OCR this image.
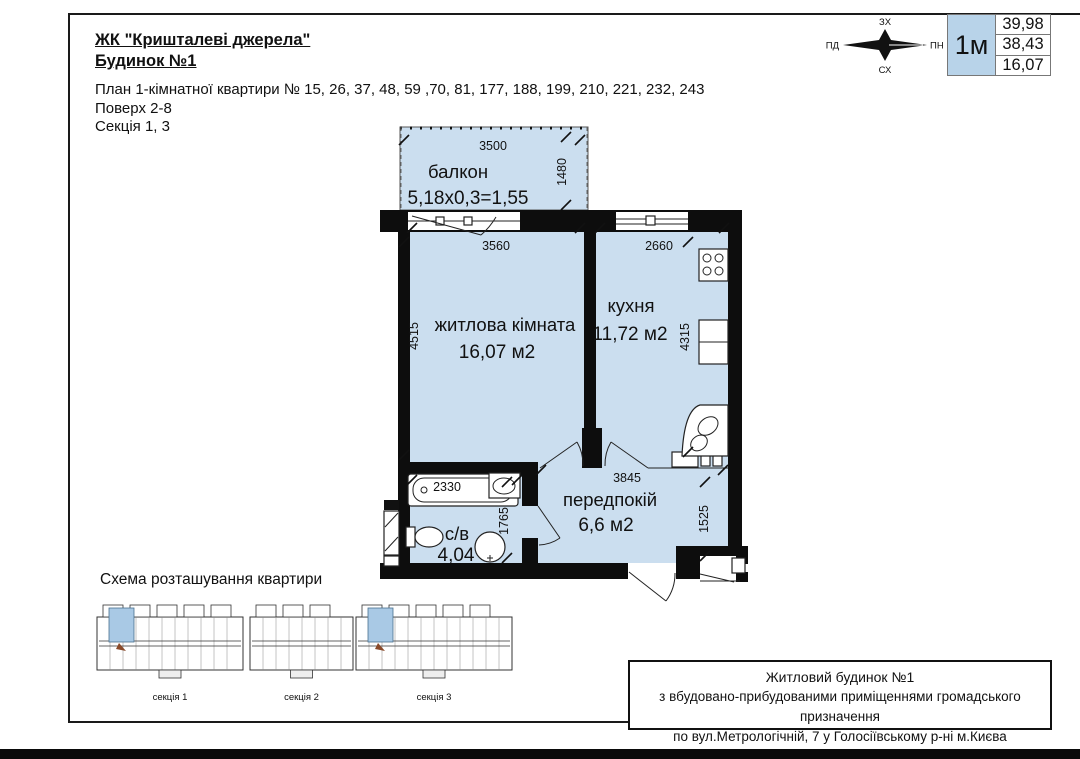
ЖК "Кришталеві джерела"
Будинок №1
План 1-кімнатної квартири № 15, 26, 37, 48, 59 ,70, 81, 177, 188, 199, 210, 221, 232, 243
Поверх 2-8
Секція 1, 3
ЗХ
СХ
ПД	ПН 1м
39,98
38,43
16,07
балкон
5,18x0,3=1,55
3500
1480
3560	2660
4515	4315
житлова кімната
16,07 м2
кухня
11,72 м2
2330
1765
с/в
4,04
3845
1525
передпокій
6,6 м2
Схема розташування квартири
секція 1	секція 2	секція 3
Житловий будинок №1
з вбудовано-прибудованими приміщеннями громадського призначення
по вул.Метрологічній, 7 у Голосіївському р-ні м.Києва
